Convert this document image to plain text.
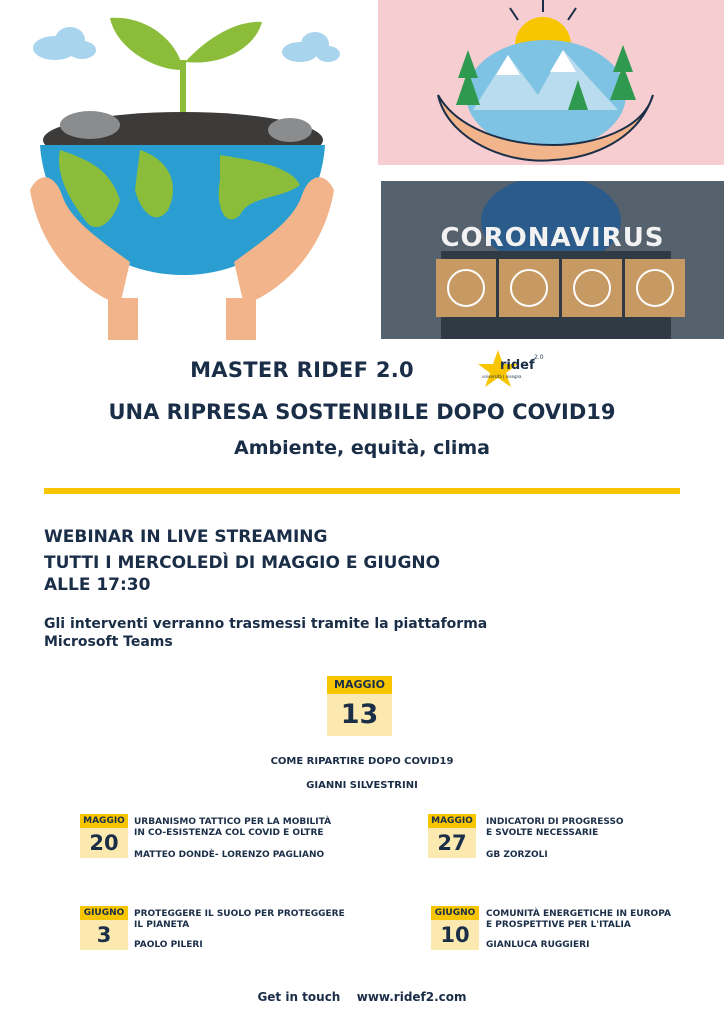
CORONAVIRUS
MASTER RIDEF 2.0	ridef
2.0
università | insegna
UNA RIPRESA SOSTENIBILE DOPO COVID19
Ambiente, equità, clima
WEBINAR IN LIVE STREAMING
TUTTI I MERCOLEDÌ DI MAGGIO E GIUGNO
ALLE 17:30
Gli interventi verranno trasmessi tramite la piattaforma
Microsoft Teams
MAGGIO
13
COME RIPARTIRE DOPO COVID19
GIANNI SILVESTRINI
MAGGIO
20
URBANISMO TATTICO PER LA MOBILITÀ
IN CO-ESISTENZA COL COVID E OLTRE
MATTEO DONDÈ- LORENZO PAGLIANO
MAGGIO
27
INDICATORI DI PROGRESSO
E SVOLTE NECESSARIE
GB ZORZOLI
GIUGNO
3
PROTEGGERE IL SUOLO PER PROTEGGERE
IL PIANETA
PAOLO PILERI
GIUGNO
10
COMUNITÀ ENERGETICHE IN EUROPA
E PROSPETTIVE PER L'ITALIA
GIANLUCA RUGGIERI
Get in touch www.ridef2.com
